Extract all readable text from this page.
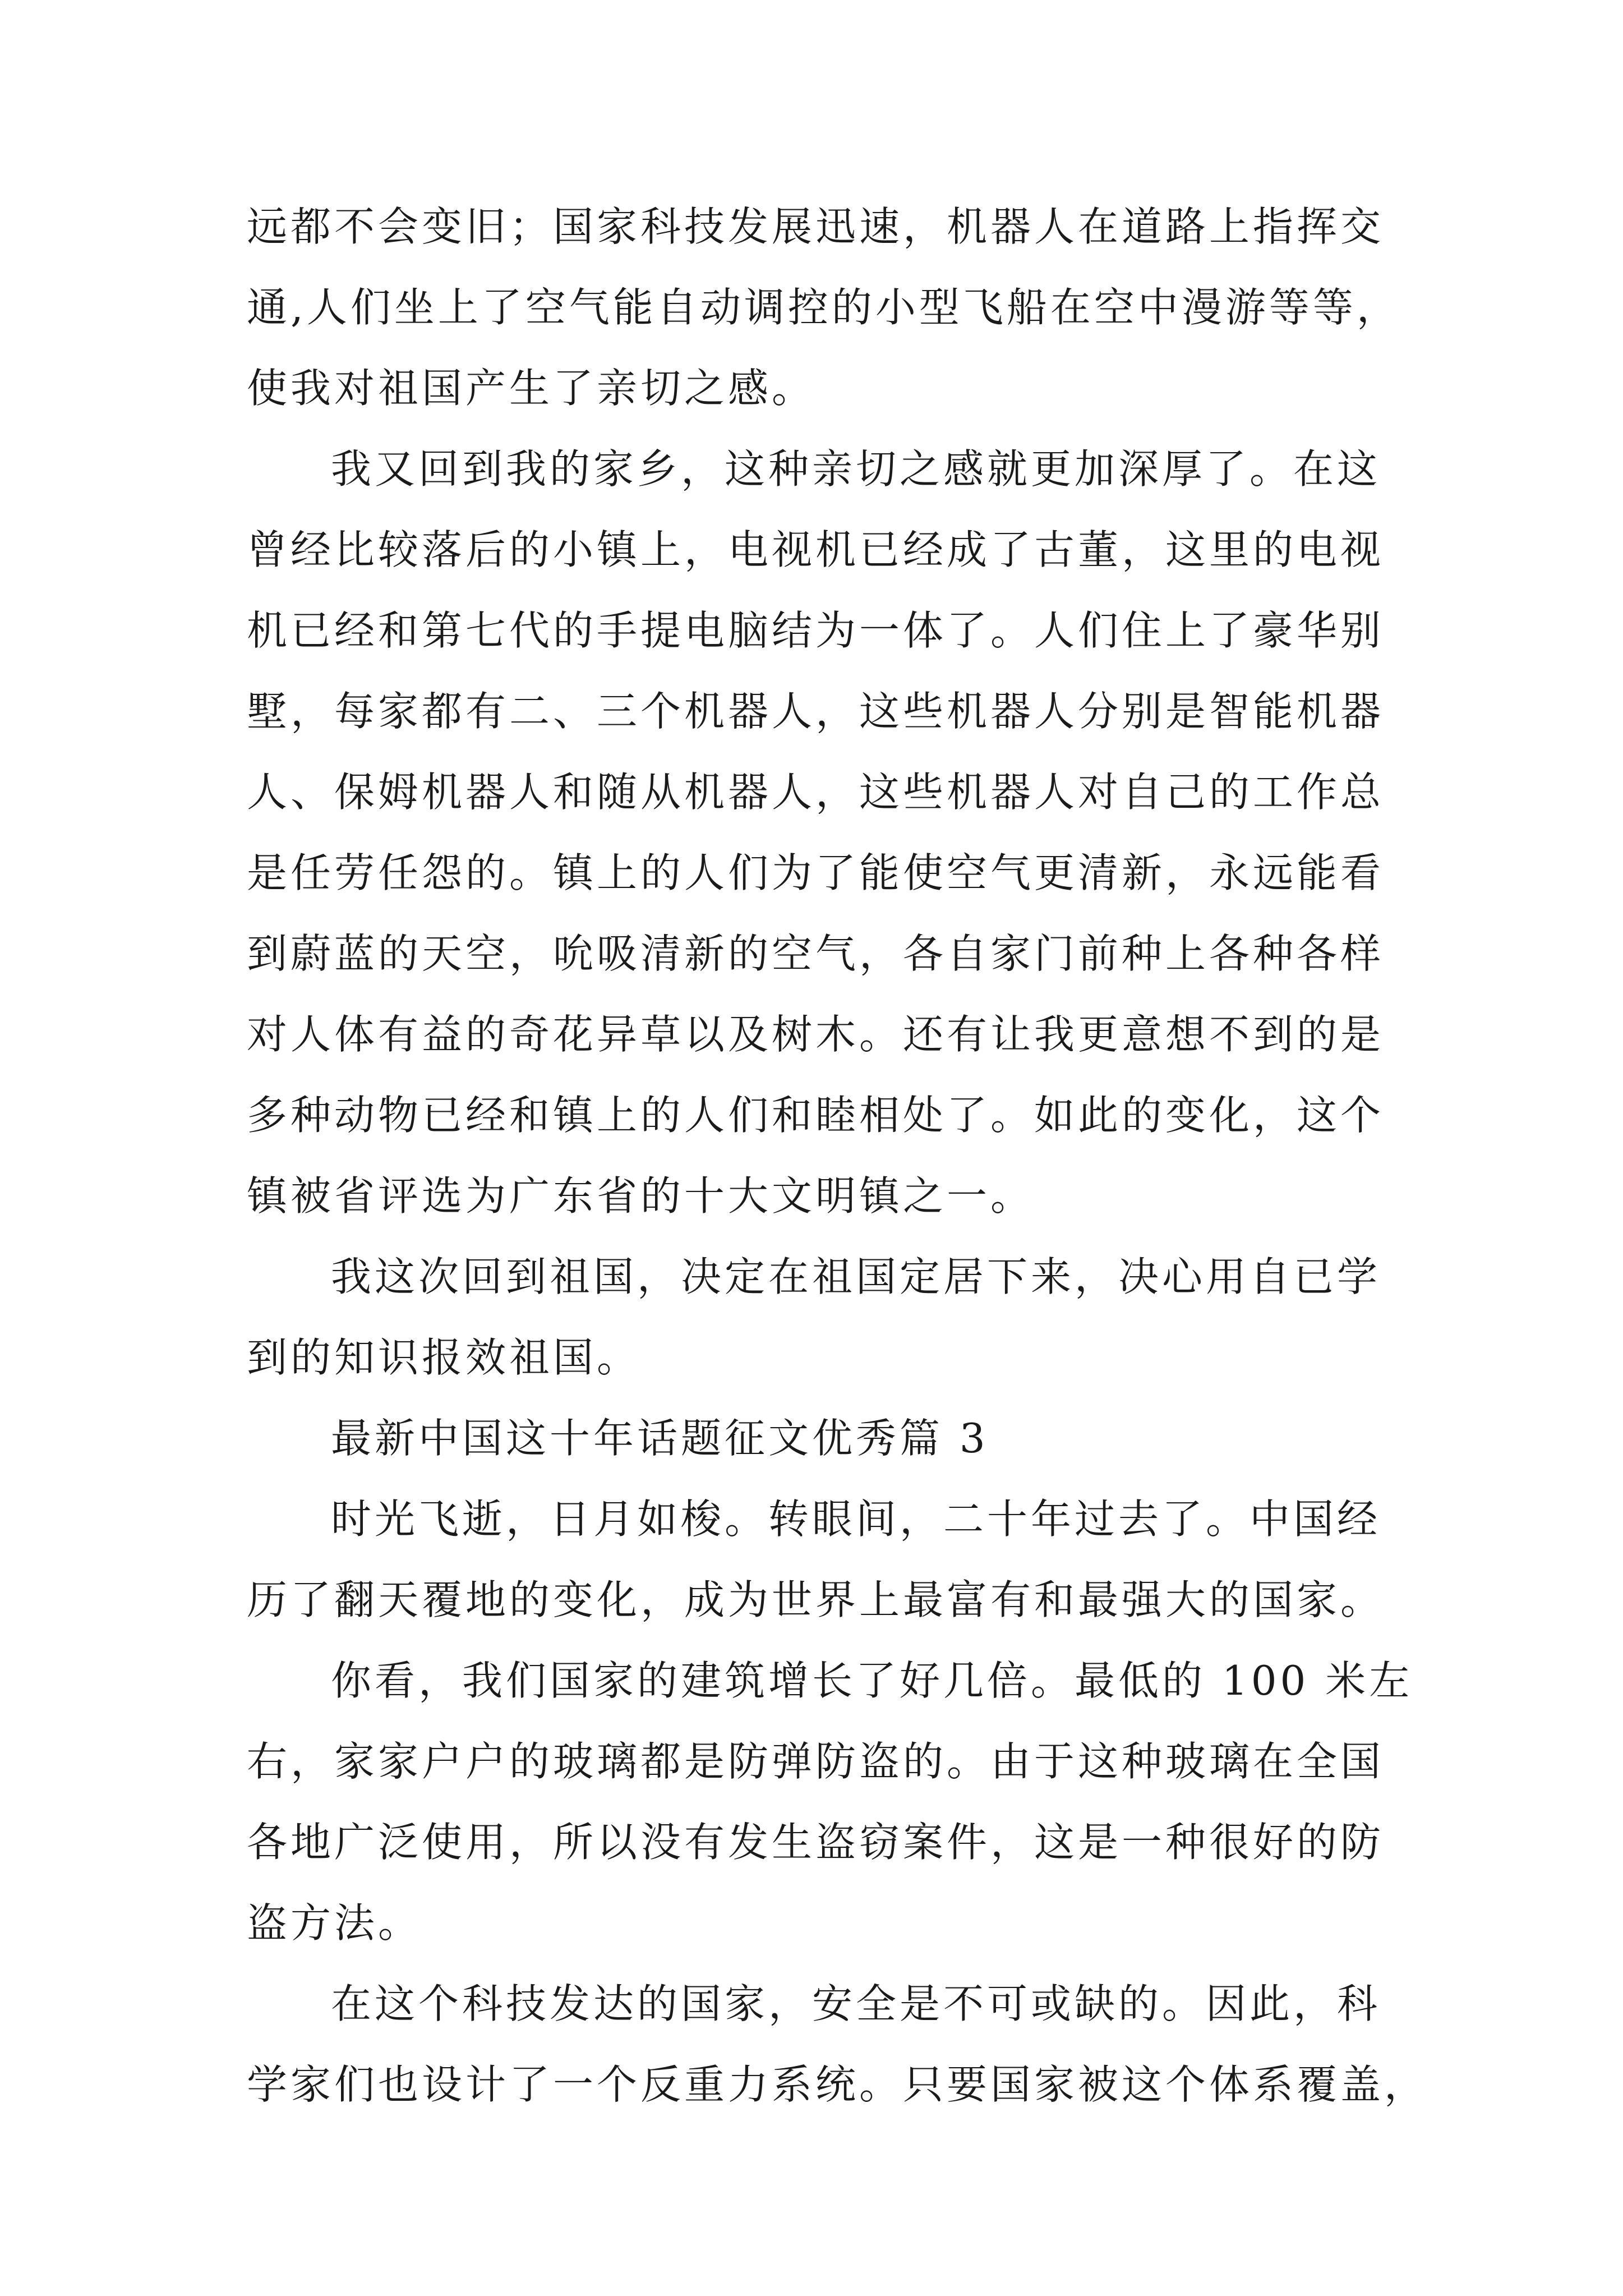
远都不会变旧；国家科技发展迅速，机器人在道路上指挥交
通,人们坐上了空气能自动调控的小型飞船在空中漫游等等，
使我对祖国产生了亲切之感。
我又回到我的家乡，这种亲切之感就更加深厚了。在这
曾经比较落后的小镇上，电视机已经成了古董，这里的电视
机已经和第七代的手提电脑结为一体了。人们住上了豪华别
墅，每家都有二、三个机器人，这些机器人分别是智能机器
人、保姆机器人和随从机器人，这些机器人对自己的工作总
是任劳任怨的。镇上的人们为了能使空气更清新，永远能看
到蔚蓝的天空，吮吸清新的空气，各自家门前种上各种各样
对人体有益的奇花异草以及树木。还有让我更意想不到的是
多种动物已经和镇上的人们和睦相处了。如此的变化，这个
镇被省评选为广东省的十大文明镇之一。
我这次回到祖国，决定在祖国定居下来，决心用自已学
到的知识报效祖国。
最新中国这十年话题征文优秀篇 3
时光飞逝，日月如梭。转眼间，二十年过去了。中国经
历了翻天覆地的变化，成为世界上最富有和最强大的国家。
你看，我们国家的建筑增长了好几倍。最低的 100 米左
右，家家户户的玻璃都是防弹防盗的。由于这种玻璃在全国
各地广泛使用，所以没有发生盗窃案件，这是一种很好的防
盗方法。
在这个科技发达的国家，安全是不可或缺的。因此，科
学家们也设计了一个反重力系统。只要国家被这个体系覆盖，
